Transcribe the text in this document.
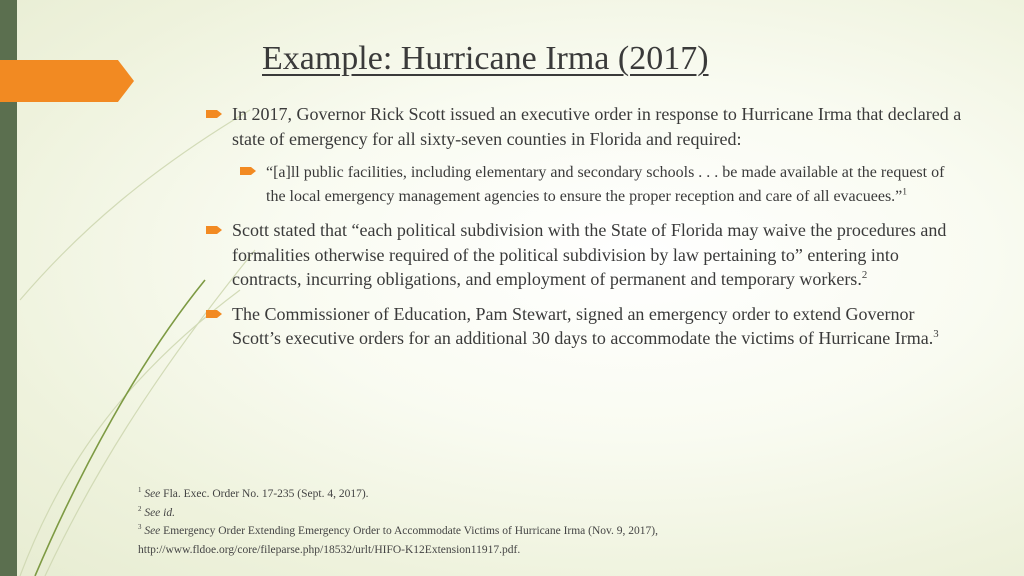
Example: Hurricane Irma (2017)
In 2017, Governor Rick Scott issued an executive order in response to Hurricane Irma that declared a state of emergency for all sixty-seven counties in Florida and required:
“[a]ll public facilities, including elementary and secondary schools . . . be made available at the request of the local emergency management agencies to ensure the proper reception and care of all evacuees.”$^1$
Scott stated that “each political subdivision with the State of Florida may waive the procedures and formalities otherwise required of the political subdivision by law pertaining to” entering into contracts, incurring obligations, and employment of permanent and temporary workers.$^2$
The Commissioner of Education, Pam Stewart, signed an emergency order to extend Governor Scott’s executive orders for an additional 30 days to accommodate the victims of Hurricane Irma.$^3$
$^1$ See Fla. Exec. Order No. 17-235 (Sept. 4, 2017).
$^2$ See id.
$^3$ See Emergency Order Extending Emergency Order to Accommodate Victims of Hurricane Irma (Nov. 9, 2017),
http://www.fldoe.org/core/fileparse.php/18532/urlt/HIFO-K12Extension11917.pdf.
